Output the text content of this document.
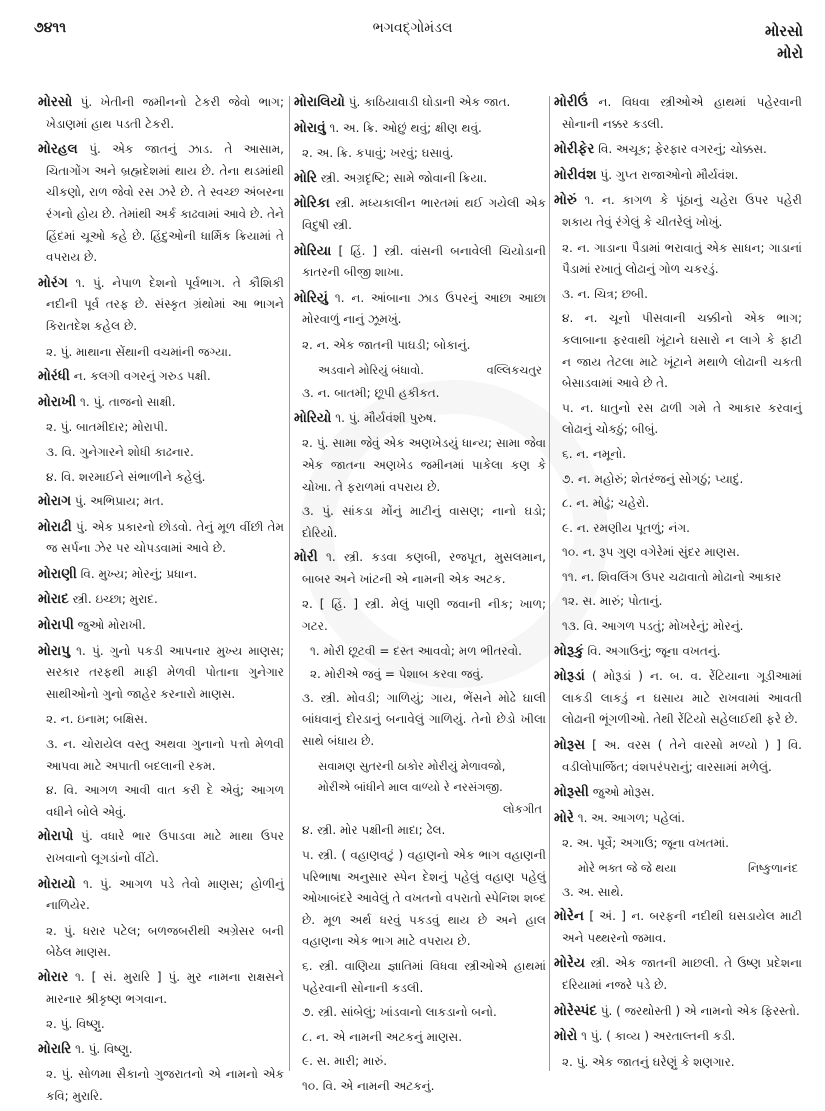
૭૪૧૧	ભગવદ્ગોમંડલ	મોરસો
મોરો
મોરસો પું. ખેતીની જમીનનો ટેકરી જેવો ભાગ; ખેડાણમાં હાથ પડતી ટેકરી.
મોરહલ પું. એક જાતનું ઝાડ. તે આસામ, ચિતાગોંગ અને બ્રહ્મદેશમાં થાય છે. તેના થડમાંથી ચીકણો, રાળ જેવો રસ ઝરે છે. તે સ્વચ્છ અંબરના રંગનો હોય છે. તેમાંથી અર્ક કાઢવામાં આવે છે. તેને હિંદમાં ચૂઓ કહે છે. હિંદુઓની ધાર્મિક ક્રિયામાં તે વપરાય છે.
મોરંગ ૧. પું. નેપાળ દેશનો પૂર્વભાગ. તે કૌશિકી નદીની પૂર્વ તરફ છે. સંસ્કૃત ગ્રંથોમાં આ ભાગને કિરાતદેશ કહેલ છે.
૨. પું. માથાના સેંથાની વચમાંની જગ્યા.
મોરંધી ન. કલગી વગરનું ગરુડ પક્ષી.
મોરાખી ૧. પું. તાજનો સાક્ષી.
૨. પું. બાતમીદાર; મોરાપી.
૩. વિ. ગુનેગારને શોધી કાઢનાર.
૪. વિ. શરમાઈને સંભાળીને કહેલું.
મોરાગ પું. અભિપ્રાય; મત.
મોરાઢી પું. એક પ્રકારનો છોડવો. તેનું મૂળ વીંછી તેમ જ સર્પના ઝેર પર ચોપડવામાં આવે છે.
મોરાણી વિ. મુખ્ય; મોરનું; પ્રધાન.
મોરાદ સ્ત્રી. ઇચ્છા; મુરાદ.
મોરાપી જુઓ મોરાખી.
મોરાપુ ૧. પું. ગુનો પકડી આપનાર મુખ્ય માણસ; સરકાર તરફથી માફી મેળવી પોતાના ગુનેગાર સાથીઓનો ગુનો જાહેર કરનારો માણસ.
૨. ન. ઇનામ; બક્ષિસ.
૩. ન. ચોરાયેલ વસ્તુ અથવા ગુનાનો પત્તો મેળવી આપવા માટે અપાતી બદલાની રકમ.
૪. વિ. આગળ આવી વાત કરી દે એવું; આગળ વધીને બોલે એવું.
મોરાપો પું. વધારે ભાર ઉપાડવા માટે માથા ઉપર રાખવાનો લૂગડાંનો વીંટો.
મોરાયો ૧. પું. આગળ પડે તેવો માણસ; હોળીનું નાળિયેર.
૨. પું. ધરાર પટેલ; બળજબરીથી અગ્રેસર બની બેઠેલ માણસ.
મોરાર ૧. [ સં. મુરારિ ] પું. મુર નામના રાક્ષસને મારનાર શ્રીકૃષ્ણ ભગવાન.
૨. પું. વિષ્ણુ.
મોરારિ ૧. પું. વિષ્ણુ.
૨. પું. સોળમા સૈકાનો ગુજરાતનો એ નામનો એક કવિ; મુરારિ.
મોરાલિયો પું. કાઠિયાવાડી ઘોડાની એક જાત.
મોરાવું ૧. અ. ક્રિ. ઓછું થવું; ક્ષીણ થવું.
૨. અ. ક્રિ. કપાવું; ખરવું; ઘસાવું.
મોરિ સ્ત્રી. અગ્રદૃષ્ટિ; સામે જોવાની ક્રિયા.
મોરિકા સ્ત્રી. મધ્યકાલીન ભારતમાં થઈ ગયેલી એક વિદુષી સ્ત્રી.
મોરિયા [ હિં. ] સ્ત્રી. વાંસની બનાવેલી ચિયોડાની કાતરની બીજી શાખા.
મોરિયું ૧. ન. આંબાના ઝાડ ઉપરનું આછા આછા મોરવાળું નાનું ઝૂમખું.
૨. ન. એક જાતની પાઘડી; બોકાનું.
અડવાને મોરિયું બંધાવો.	વલ્લિકચતુર
૩. ન. બાતમી; છૂપી હકીકત.
મોરિયો ૧. પું. મૌર્યવંશી પુરુષ.
૨. પું. સામા જેવું એક અણખેડયું ધાન્ય; સામા જેવા એક જાતના અણખેડ જમીનમાં પાકેલા કણ કે ચોખા. તે ફરાળમાં વપરાય છે.
૩. પું. સાંકડા મોંનું માટીનું વાસણ; નાનો ઘડો; દોરિયો.
મોરી ૧. સ્ત્રી. કડવા કણબી, રજપૂત, મુસલમાન, બાબર અને ખાંટની એ નામની એક અટક.
૨. [ હિં. ] સ્ત્રી. મેલું પાણી જવાની નીક; ખાળ; ગટર.
૧. મોરી છૂટવી = દસ્ત આવવો; મળ ભીતરવો.
૨. મોરીએ જવું = પેશાબ કરવા જવું.
૩. સ્ત્રી. મોવડી; ગાળિયું; ગાય, ભેંસને મોઢે ઘાલી બાંધવાનું દોરડાનું બનાવેલું ગાળિયું. તેનો છેડો ખીલા સાથે બંધાય છે.
સવામણ સુતરની ઠાકોર મોરીયું મેળાવજો,
મોરીએ બાંધીને માલ વાળ્યો રે નરસંગજી.
લોકગીત
૪. સ્ત્રી. મોર પક્ષીની માદા; ઢેલ.
૫. સ્ત્રી. ( વહાણવટું ) વહાણનો એક ભાગ વહાણની પરિભાષા અનુસાર સ્પેન દેશનું પહેલું વહાણ પહેલું ઓખાબંદરે આવેલું તે વખતનો વપરાતો સ્પેનિશ શબ્દ છે. મૂળ અર્થ ધરવું પકડવું થાય છે અને હાલ વહાણના એક ભાગ માટે વપરાય છે.
૬. સ્ત્રી. વાણિયા જ્ઞાતિમાં વિધવા સ્ત્રીઓએ હાથમાં પહેરવાની સોનાની કડલી.
૭. સ્ત્રી. સાંબેલું; ખાંડવાનો લાકડાનો બનો.
૮. ન. એ નામની અટકનું માણસ.
૯. સ. મારી; મારું.
૧૦. વિ. એ નામની અટકનું.
મોરીઉં ન. વિધવા સ્ત્રીઓએ હાથમાં પહેરવાની સોનાની નક્કર કડલી.
મોરીફેર વિ. અચૂક; ફેરફાર વગરનું; ચોક્કસ.
મોરીવંશ પું. ગુપ્ત રાજાઓનો મૌર્યવંશ.
મોરું ૧. ન. કાગળ કે પૂંઠાનું ચહેરા ઉપર પહેરી શકાય તેવું રંગેલું કે ચીતરેલું ખોખું.
૨. ન. ગાડાના પૈડામાં ભરાવાતું એક સાધન; ગાડાનાં પૈડામાં રખાતું લોઢાનું ગોળ ચકરડું.
૩. ન. ચિત્ર; છબી.
૪. ન. ચૂનો પીસવાની ચક્કીનો એક ભાગ; કલાબાના ફરવાથી ખૂંટાને ઘસારો ન લાગે કે ફાટી ન જાય તેટલા માટે ખૂંટાને મથાળે લોઢાની ચકતી બેસાડવામાં આવે છે તે.
૫. ન. ધાતુનો રસ ઢાળી ગમે તે આકાર કરવાનું લોઢાનું ચોકઠું; બીબું.
૬. ન. નમૂનો.
૭. ન. મહોરું; શેતરંજનું સોગઠું; પ્યાદું.
૮. ન. મોઢું; ચહેરો.
૯. ન. રમણીય પૂતળું; નંગ.
૧૦. ન. રૂપ ગુણ વગેરેમાં સુંદર માણસ.
૧૧. ન. શિવલિંગ ઉપર ચઢાવાતો મોઢાનો આકાર
૧૨. સ. મારું; પોતાનું.
૧૩. વિ. આગળ પડતું; મોખરેનું; મોરનું.
મોરૂકું વિ. અગાઉનું; જૂના વખતનું.
મોરૂડાં ( મોરૂડાં ) ન. બ. વ. રેંટિયાના ગૂડીઆમાં લાકડી લાકડું ન ઘસાય માટે રાખવામાં આવતી લોઢાની ભૂંગળીઓ. તેથી રેંટિયો સહેલાઈથી ફરે છે.
મોરૂસ [ અ. વરસ ( તેને વારસો મળ્યો ) ] વિ. વડીલોપાર્જિત; વંશપરંપરાનું; વારસામાં મળેલું.
મોરૂસી જુઓ મોરૂસ.
મોરે ૧. અ. આગળ; પહેલાં.
૨. અ. પૂર્વે; અગાઉ; જૂના વખતમાં.
મોરે ભક્ત જે જે થયા	નિષ્કુળાનંદ
૩. અ. સાથે.
મોરેન [ અં. ] ન. બરફની નદીથી ઘસડાયેલ માટી અને પથ્થરનો જમાવ.
મોરેય સ્ત્રી. એક જાતની માછલી. તે ઉષ્ણ પ્રદેશના દરિયામાં નજરે પડે છે.
મોરેસ્પંદ પું. ( જરથોસ્તી ) એ નામનો એક ફિરસ્તો.
મોરો ૧ પું. ( કાવ્ય ) અરતાલ્તની કડી.
૨. પું. એક જાતનું ઘરેણું કે શણગાર.
